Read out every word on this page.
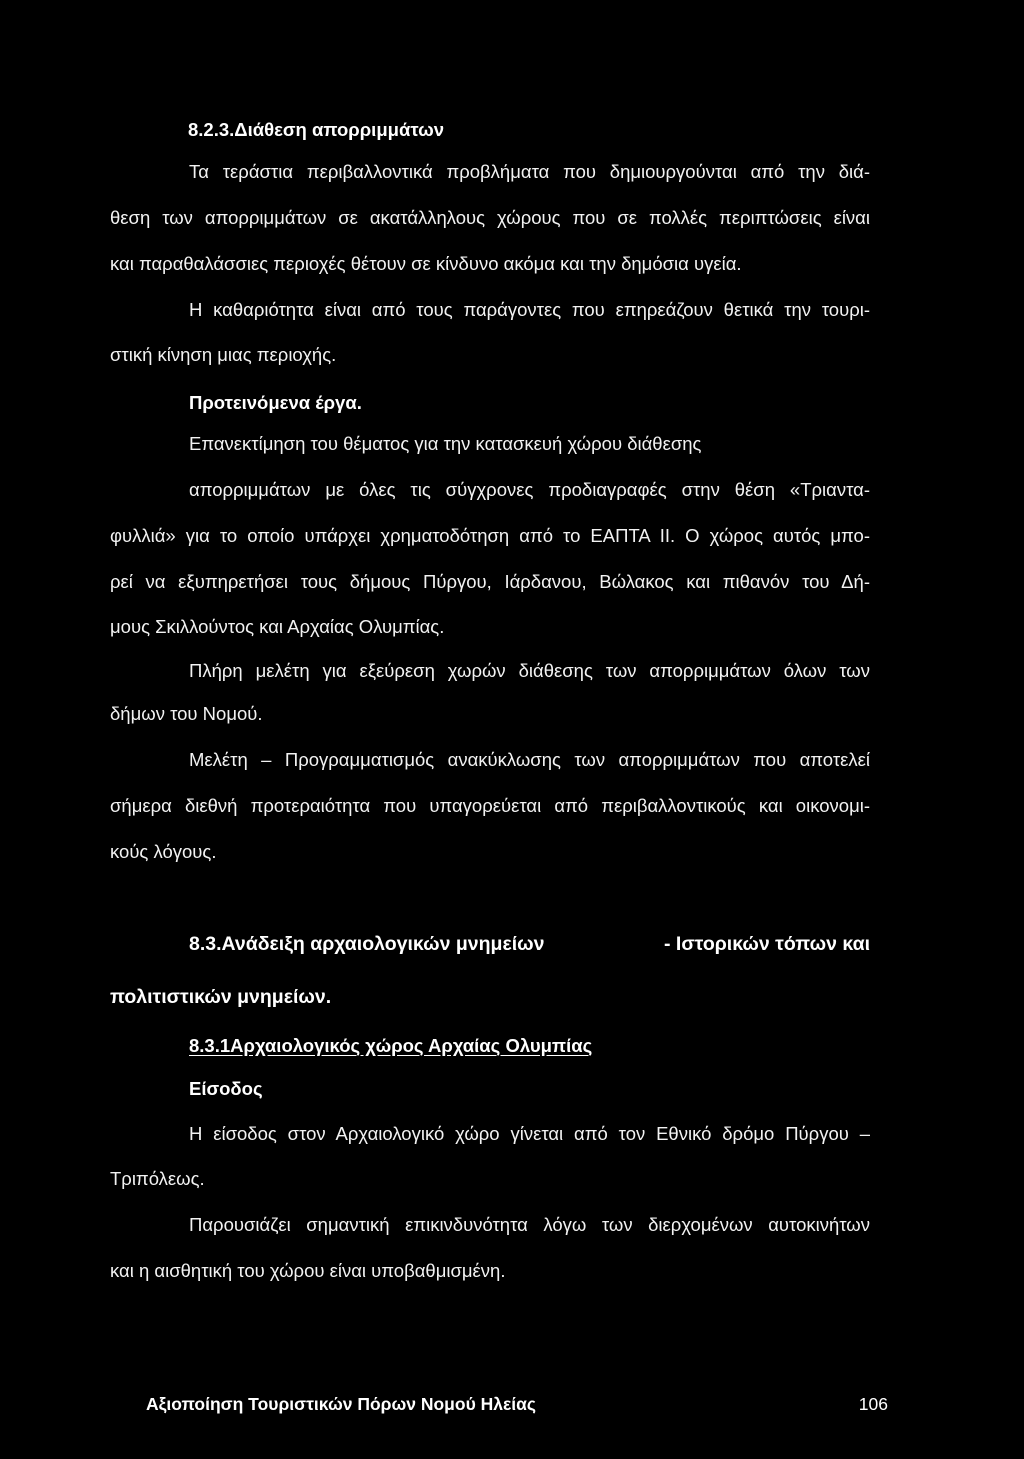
8.2.3.Διάθεση απορριμμάτων
Τα τεράστια περιβαλλοντικά προβλήματα που δημιουργούνται από την διά-
θεση των απορριμμάτων σε ακατάλληλους χώρους που σε πολλές περιπτώσεις είναι
και παραθαλάσσιες περιοχές θέτουν σε κίνδυνο ακόμα και την δημόσια υγεία.
Η καθαριότητα είναι από τους παράγοντες που επηρεάζουν θετικά την τουρι-
στική κίνηση μιας περιοχής.
Προτεινόμενα έργα.
Επανεκτίμηση του θέματος για την κατασκευή χώρου διάθεσης
απορριμμάτων με όλες τις σύγχρονες προδιαγραφές στην θέση «Τριαντα-
φυλλιά» για το οποίο υπάρχει χρηματοδότηση από το ΕΑΠΤΑ II. Ο χώρος αυτός μπο-
ρεί να εξυπηρετήσει τους δήμους Πύργου, Ιάρδανου, Βώλακος και πιθανόν του Δή-
μους Σκιλλούντος και Αρχαίας Ολυμπίας.
Πλήρη μελέτη για εξεύρεση χωρών διάθεσης των απορριμμάτων όλων των
δήμων του Νομού.
Μελέτη – Προγραμματισμός ανακύκλωσης των απορριμμάτων που αποτελεί
σήμερα διεθνή προτεραιότητα που υπαγορεύεται από περιβαλλοντικούς και οικονομι-
κούς λόγους.
8.3.Ανάδειξη αρχαιολογικών μνημείων	- Ιστορικών τόπων και
πολιτιστικών μνημείων.
8.3.1Αρχαιολογικός χώρος Αρχαίας Ολυμπίας
Είσοδος
Η είσοδος στον Αρχαιολογικό χώρο γίνεται από τον Εθνικό δρόμο Πύργου –
Τριπόλεως.
Παρουσιάζει σημαντική επικινδυνότητα λόγω των διερχομένων αυτοκινήτων
και η αισθητική του χώρου είναι υποβαθμισμένη.
Αξιοποίηση Τουριστικών Πόρων Νομού Ηλείας	106
